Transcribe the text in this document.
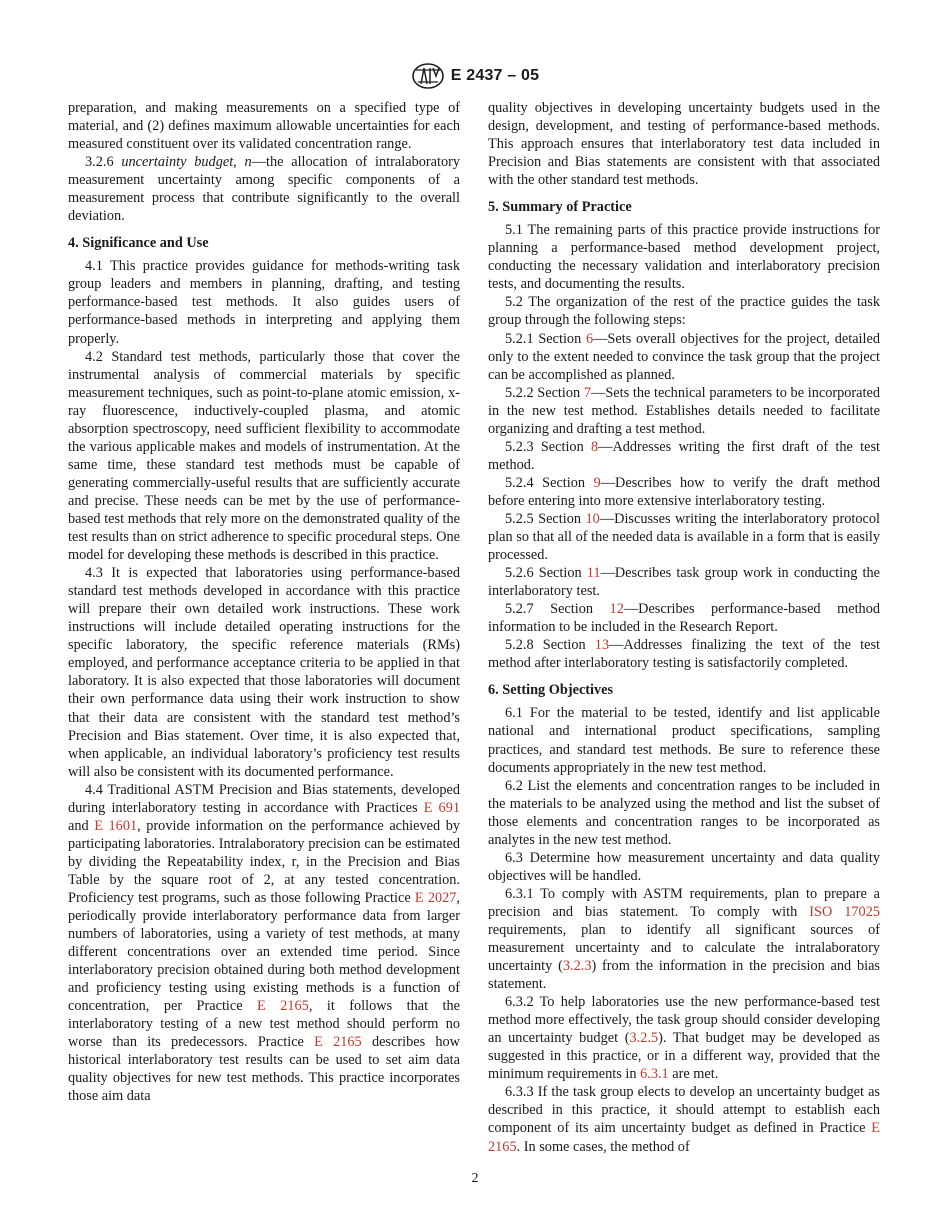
E 2437 – 05

preparation, and making measurements on a specified type of material, and (2) defines maximum allowable uncertainties for each measured constituent over its validated concentration range.

3.2.6 uncertainty budget, n—the allocation of intralaboratory measurement uncertainty among specific components of a measurement process that contribute significantly to the overall deviation.

4. Significance and Use

4.1 This practice provides guidance for methods-writing task group leaders and members in planning, drafting, and testing performance-based test methods. It also guides users of performance-based methods in interpreting and applying them properly.

4.2 Standard test methods, particularly those that cover the instrumental analysis of commercial materials by specific measurement techniques, such as point-to-plane atomic emission, x-ray fluorescence, inductively-coupled plasma, and atomic absorption spectroscopy, need sufficient flexibility to accommodate the various applicable makes and models of instrumentation. At the same time, these standard test methods must be capable of generating commercially-useful results that are sufficiently accurate and precise. These needs can be met by the use of performance-based test methods that rely more on the demonstrated quality of the test results than on strict adherence to specific procedural steps. One model for developing these methods is described in this practice.

4.3 It is expected that laboratories using performance-based standard test methods developed in accordance with this practice will prepare their own detailed work instructions. These work instructions will include detailed operating instructions for the specific laboratory, the specific reference materials (RMs) employed, and performance acceptance criteria to be applied in that laboratory. It is also expected that those laboratories will document their own performance data using their work instruction to show that their data are consistent with the standard test method’s Precision and Bias statement. Over time, it is also expected that, when applicable, an individual laboratory’s proficiency test results will also be consistent with its documented performance.

4.4 Traditional ASTM Precision and Bias statements, developed during interlaboratory testing in accordance with Practices E 691 and E 1601, provide information on the performance achieved by participating laboratories. Intralaboratory precision can be estimated by dividing the Repeatability index, r, in the Precision and Bias Table by the square root of 2, at any tested concentration. Proficiency test programs, such as those following Practice E 2027, periodically provide interlaboratory performance data from larger numbers of laboratories, using a variety of test methods, at many different concentrations over an extended time period. Since interlaboratory precision obtained during both method development and proficiency testing using existing methods is a function of concentration, per Practice E 2165, it follows that the interlaboratory testing of a new test method should perform no worse than its predecessors. Practice E 2165 describes how historical interlaboratory test results can be used to set aim data quality objectives for new test methods. This practice incorporates those aim data

quality objectives in developing uncertainty budgets used in the design, development, and testing of performance-based methods. This approach ensures that interlaboratory test data included in Precision and Bias statements are consistent with that associated with the other standard test methods.

5. Summary of Practice

5.1 The remaining parts of this practice provide instructions for planning a performance-based method development project, conducting the necessary validation and interlaboratory precision tests, and documenting the results.

5.2 The organization of the rest of the practice guides the task group through the following steps:

5.2.1 Section 6—Sets overall objectives for the project, detailed only to the extent needed to convince the task group that the project can be accomplished as planned.

5.2.2 Section 7—Sets the technical parameters to be incorporated in the new test method. Establishes details needed to facilitate organizing and drafting a test method.

5.2.3 Section 8—Addresses writing the first draft of the test method.

5.2.4 Section 9—Describes how to verify the draft method before entering into more extensive interlaboratory testing.

5.2.5 Section 10—Discusses writing the interlaboratory protocol plan so that all of the needed data is available in a form that is easily processed.

5.2.6 Section 11—Describes task group work in conducting the interlaboratory test.

5.2.7 Section 12—Describes performance-based method information to be included in the Research Report.

5.2.8 Section 13—Addresses finalizing the text of the test method after interlaboratory testing is satisfactorily completed.

6. Setting Objectives

6.1 For the material to be tested, identify and list applicable national and international product specifications, sampling practices, and standard test methods. Be sure to reference these documents appropriately in the new test method.

6.2 List the elements and concentration ranges to be included in the materials to be analyzed using the method and list the subset of those elements and concentration ranges to be incorporated as analytes in the new test method.

6.3 Determine how measurement uncertainty and data quality objectives will be handled.

6.3.1 To comply with ASTM requirements, plan to prepare a precision and bias statement. To comply with ISO 17025 requirements, plan to identify all significant sources of measurement uncertainty and to calculate the intralaboratory uncertainty (3.2.3) from the information in the precision and bias statement.

6.3.2 To help laboratories use the new performance-based test method more effectively, the task group should consider developing an uncertainty budget (3.2.5). That budget may be developed as suggested in this practice, or in a different way, provided that the minimum requirements in 6.3.1 are met.

6.3.3 If the task group elects to develop an uncertainty budget as described in this practice, it should attempt to establish each component of its aim uncertainty budget as defined in Practice E 2165. In some cases, the method of

2
